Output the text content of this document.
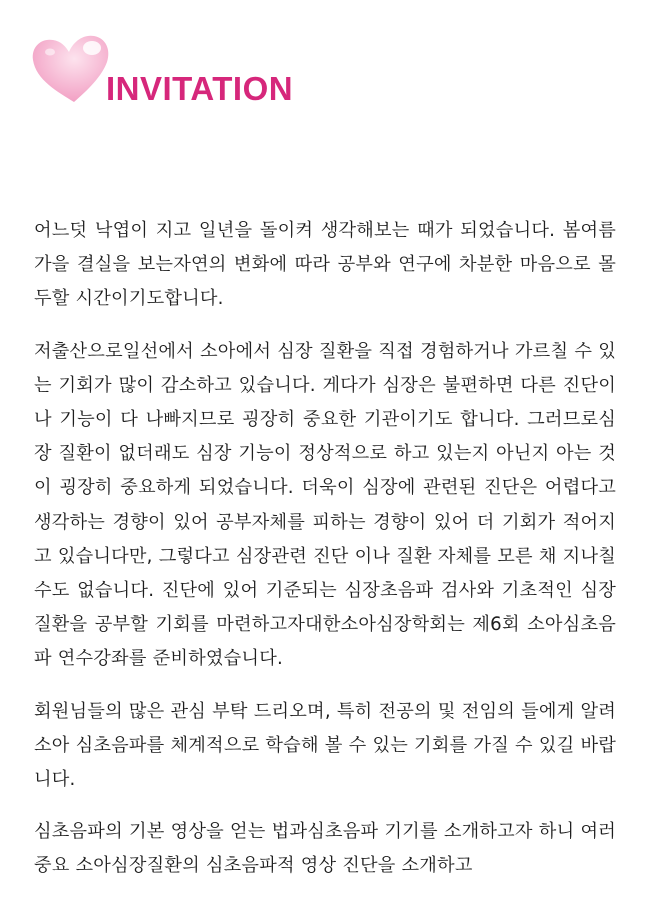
INVITATION

어느덧 낙엽이 지고 일년을 돌이켜 생각해보는 때가 되었습니다. 봄여름 가을 결실을 보는자연의 변화에 따라 공부와 연구에 차분한 마음으로 몰두할 시간이기도합니다.

저출산으로일선에서 소아에서 심장 질환을 직접 경험하거나 가르칠 수 있는 기회가 많이 감소하고 있습니다. 게다가 심장은 불편하면 다른 진단이나 기능이 다 나빠지므로 굉장히 중요한 기관이기도 합니다. 그러므로심장 질환이 없더래도 심장 기능이 정상적으로 하고 있는지 아닌지 아는 것이 굉장히 중요하게 되었습니다. 더욱이 심장에 관련된 진단은 어렵다고 생각하는 경향이 있어 공부자체를 피하는 경향이 있어 더 기회가 적어지고 있습니다만, 그렇다고 심장관련 진단 이나 질환 자체를 모른 채 지나칠 수도 없습니다. 진단에 있어 기준되는 심장초음파 검사와 기초적인 심장질환을 공부할 기회를 마련하고자대한소아심장학회는 제6회 소아심초음파 연수강좌를 준비하였습니다.

회원님들의 많은 관심 부탁 드리오며, 특히 전공의 및 전임의 들에게 알려 소아 심초음파를 체계적으로 학습해 볼 수 있는 기회를 가질 수 있길 바랍니다.

심초음파의 기본 영상을 얻는 법과심초음파 기기를 소개하고자 하니 여러 중요 소아심장질환의 심초음파적 영상 진단을 소개하고
